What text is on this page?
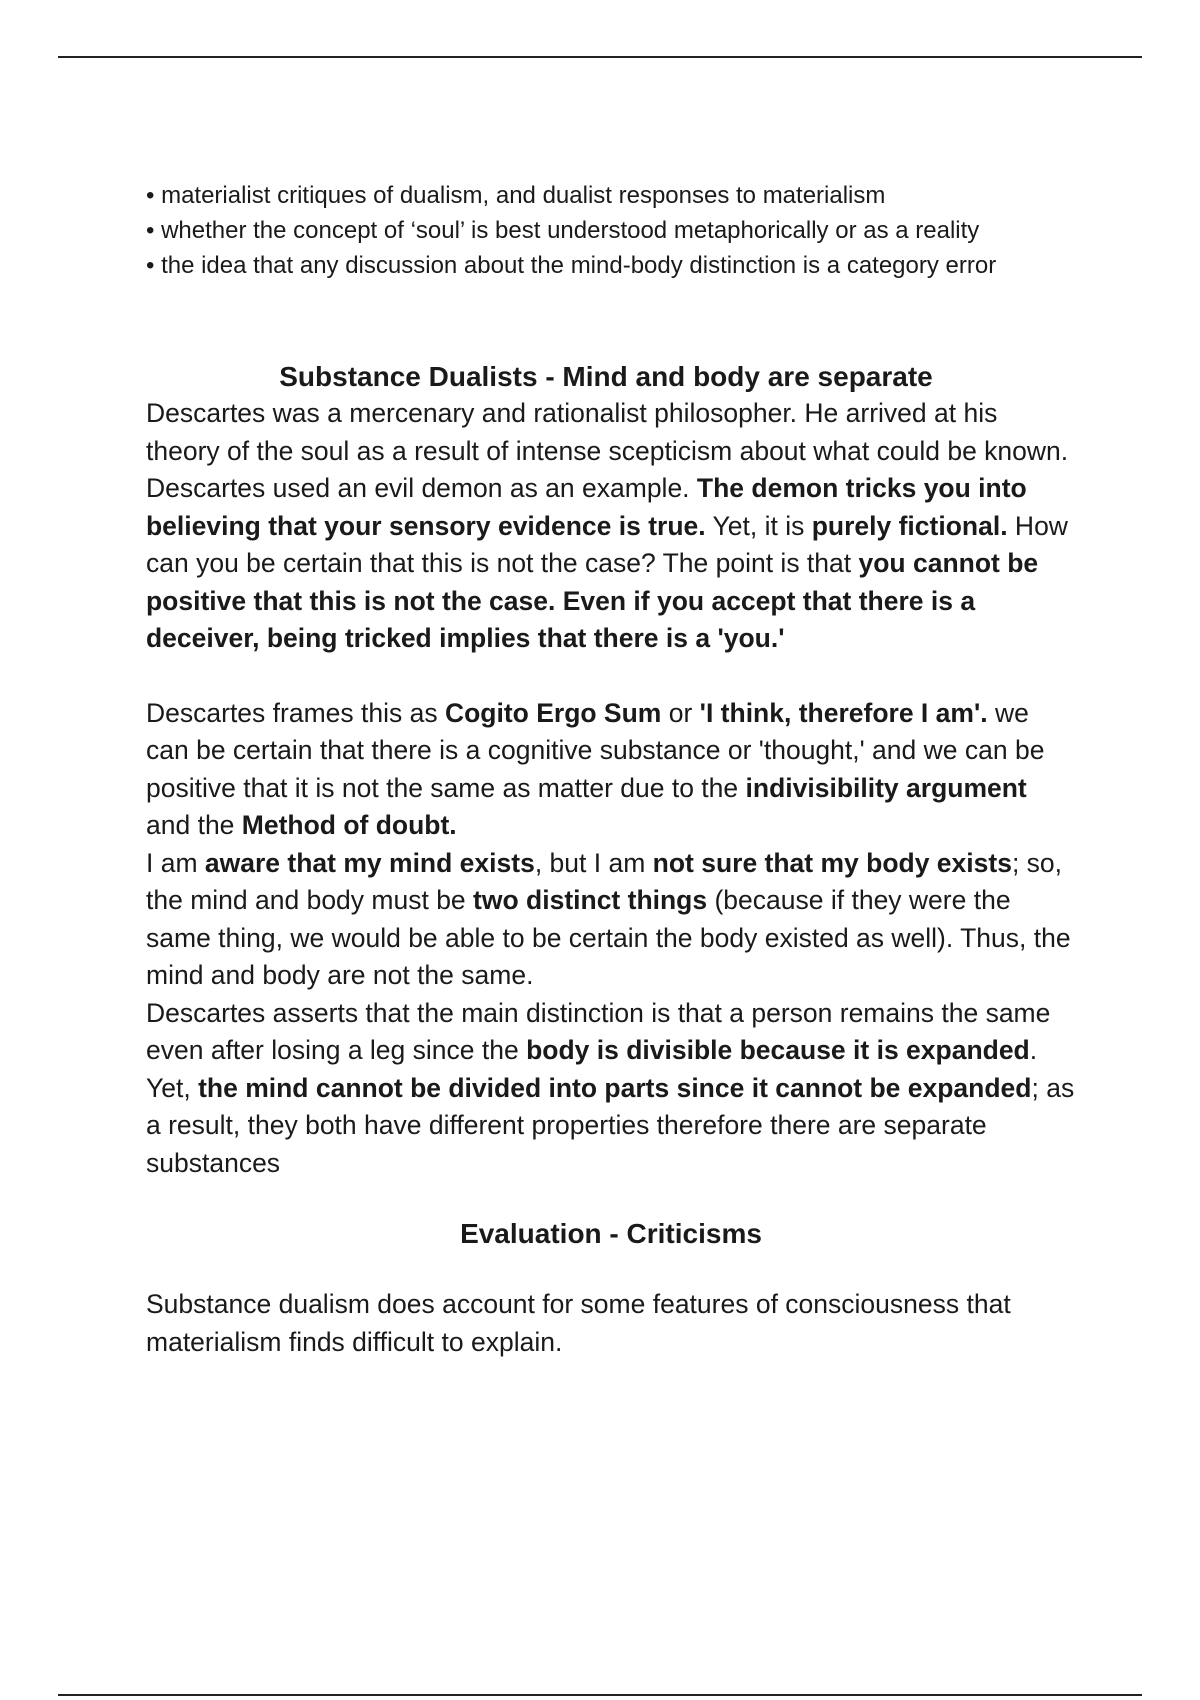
• materialist critiques of dualism, and dualist responses to materialism

• whether the concept of ‘soul’ is best understood metaphorically or as a reality

• the idea that any discussion about the mind-body distinction is a category error

Substance Dualists - Mind and body are separate

Descartes was a mercenary and rationalist philosopher. He arrived at his theory of the soul as a result of intense scepticism about what could be known. Descartes used an evil demon as an example. The demon tricks you into believing that your sensory evidence is true. Yet, it is purely fictional. How can you be certain that this is not the case? The point is that you cannot be positive that this is not the case. Even if you accept that there is a deceiver, being tricked implies that there is a 'you.'

Descartes frames this as Cogito Ergo Sum or 'I think, therefore I am'. we can be certain that there is a cognitive substance or 'thought,' and we can be positive that it is not the same as matter due to the indivisibility argument and the Method of doubt.

I am aware that my mind exists, but I am not sure that my body exists; so, the mind and body must be two distinct things (because if they were the same thing, we would be able to be certain the body existed as well). Thus, the mind and body are not the same.

Descartes asserts that the main distinction is that a person remains the same even after losing a leg since the body is divisible because it is expanded. Yet, the mind cannot be divided into parts since it cannot be expanded; as a result, they both have different properties therefore there are separate substances

Evaluation - Criticisms

Substance dualism does account for some features of consciousness that materialism finds difficult to explain.
